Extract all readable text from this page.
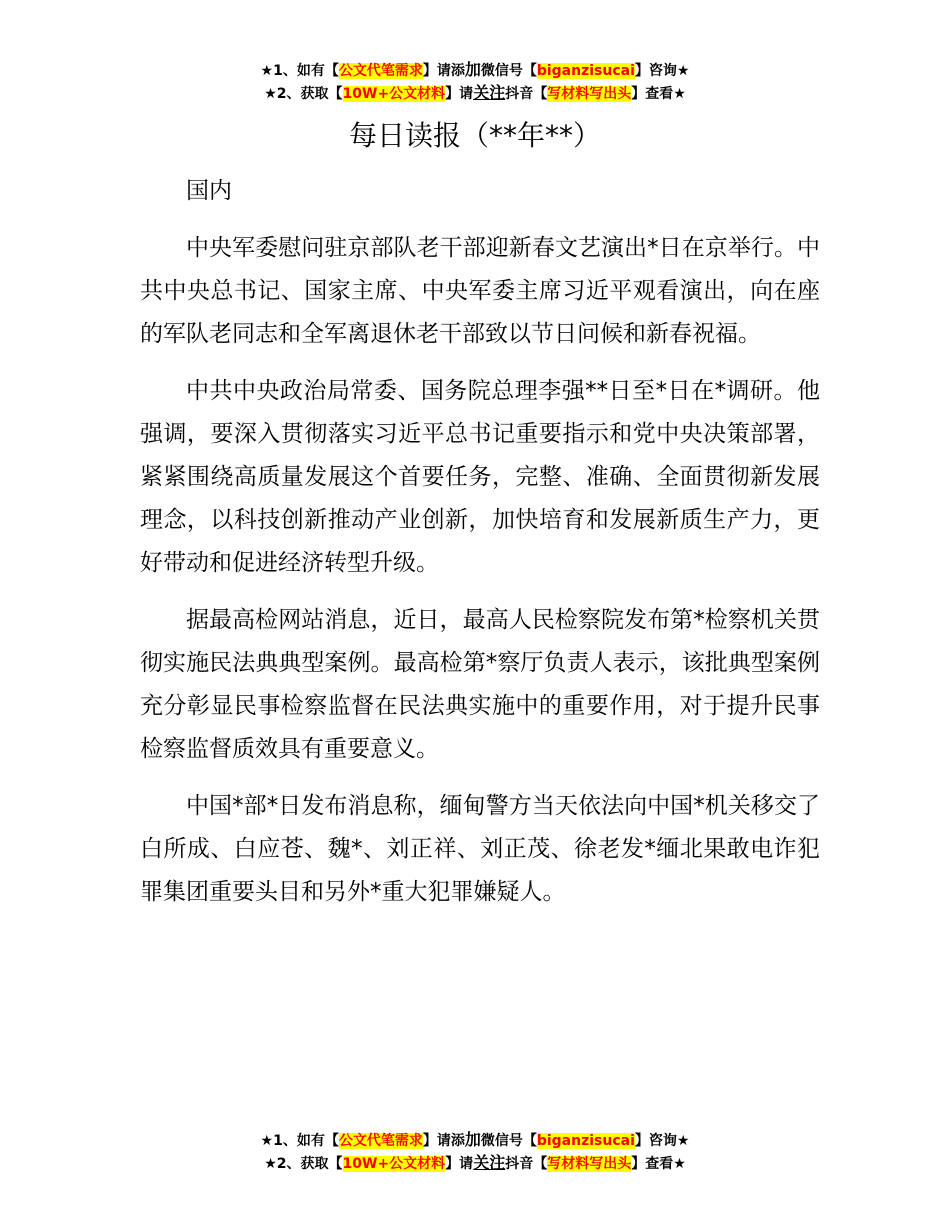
★1、如有【公文代笔需求】请添加微信号【biganzisucai】咨询★
★2、获取【10W+公文材料】请关注抖音【写材料写出头】查看★
每日读报（**年**）

国内

中央军委慰问驻京部队老干部迎新春文艺演出*日在京举行。中共中央总书记、国家主席、中央军委主席习近平观看演出，向在座的军队老同志和全军离退休老干部致以节日问候和新春祝福。

中共中央政治局常委、国务院总理李强**日至*日在*调研。他强调，要深入贯彻落实习近平总书记重要指示和党中央决策部署，紧紧围绕高质量发展这个首要任务，完整、准确、全面贯彻新发展理念，以科技创新推动产业创新，加快培育和发展新质生产力，更好带动和促进经济转型升级。

据最高检网站消息，近日，最高人民检察院发布第*检察机关贯彻实施民法典典型案例。最高检第*察厅负责人表示，该批典型案例充分彰显民事检察监督在民法典实施中的重要作用，对于提升民事检察监督质效具有重要意义。

中国*部*日发布消息称，缅甸警方当天依法向中国*机关移交了白所成、白应苍、魏*、刘正祥、刘正茂、徐老发*缅北果敢电诈犯罪集团重要头目和另外*重大犯罪嫌疑人。

★1、如有【公文代笔需求】请添加微信号【biganzisucai】咨询★
★2、获取【10W+公文材料】请关注抖音【写材料写出头】查看★
